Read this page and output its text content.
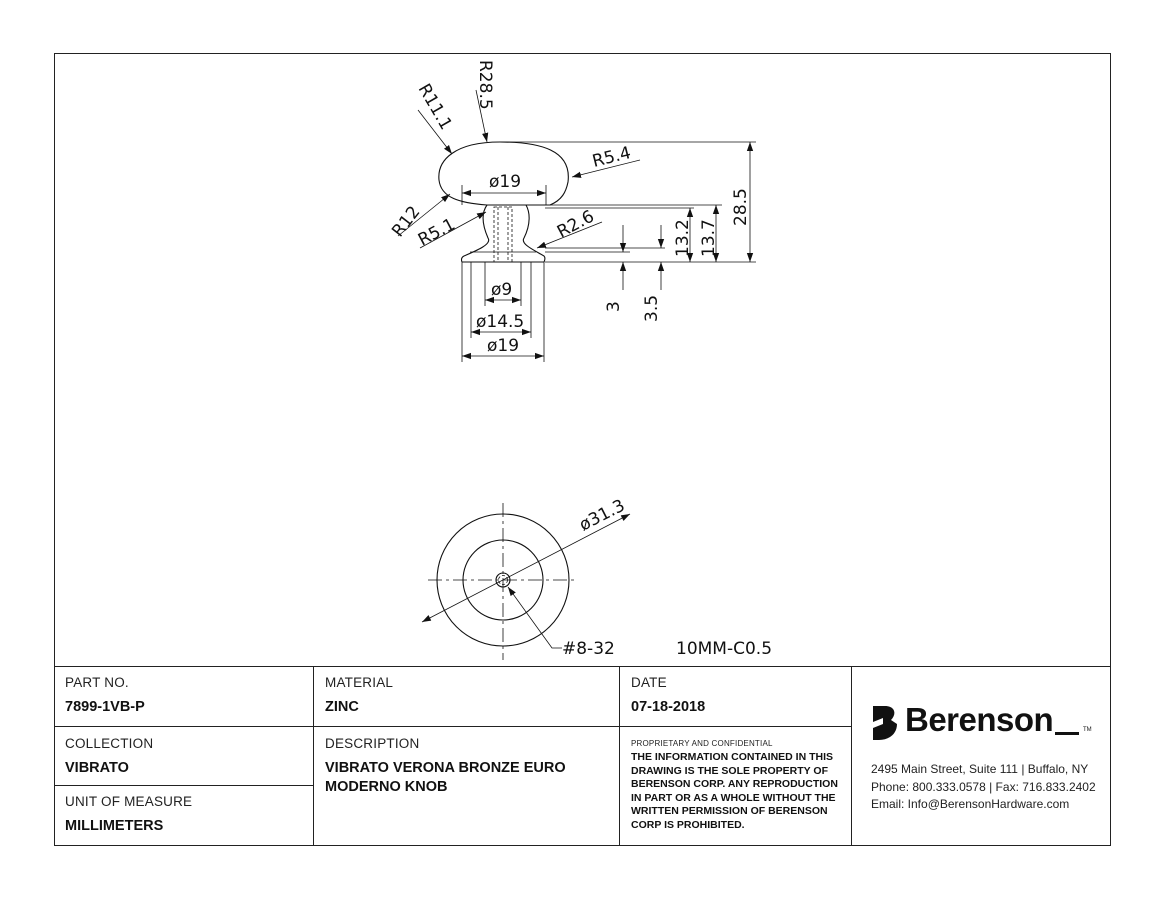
R28.5
R11.1
R5.4
ø19
R12
R5.1	R2.6	13.2 13.7
28.5
ø9
ø14.5
ø19
3 3.5
ø31.3
#8-32	10MM-C0.5
PART NO.
7899-1VB-P
MATERIAL
ZINC
DATE
07-18-2018
COLLECTION
VIBRATO
UNIT OF MEASURE
MILLIMETERS
DESCRIPTION
VIBRATO VERONA BRONZE EURO
MODERNO KNOB
PROPRIETARY AND CONFIDENTIAL
THE INFORMATION CONTAINED IN THIS
DRAWING IS THE SOLE PROPERTY OF
BERENSON CORP. ANY REPRODUCTION
IN PART OR AS A WHOLE WITHOUT THE
WRITTEN PERMISSION OF BERENSON
CORP IS PROHIBITED.
Berenson	TM
2495 Main Street, Suite 111 | Buffalo, NY
Phone: 800.333.0578 | Fax: 716.833.2402
Email: Info@BerensonHardware.com
